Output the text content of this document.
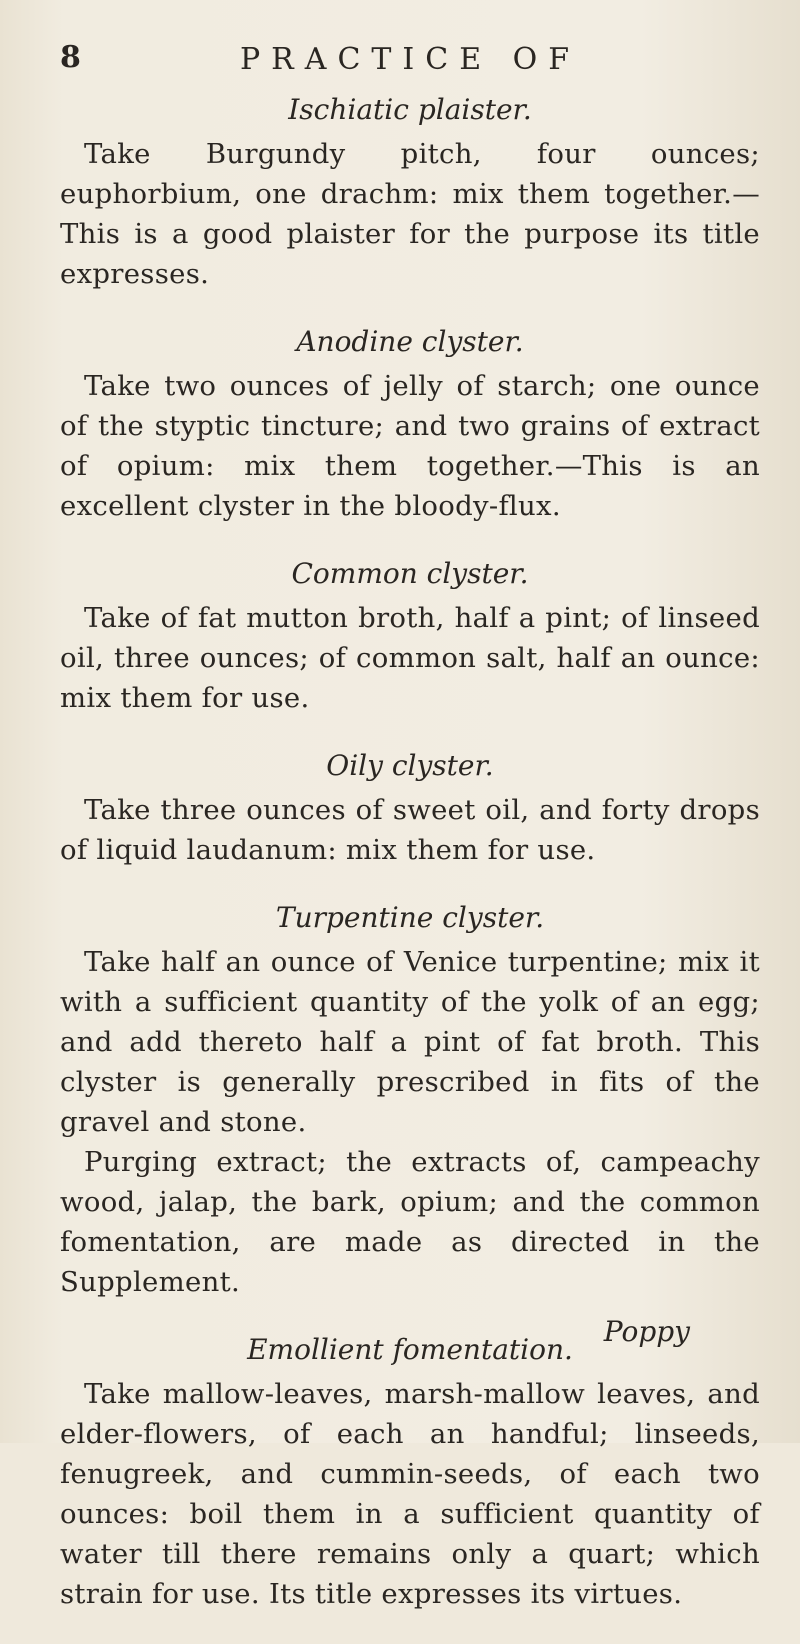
8	PRACTICE OF
Ischiatic plaister.

Take Burgundy pitch, four ounces; euphorbium, one drachm: mix them together.—This is a good plaister for the purpose its title expresses.

Anodine clyster.

Take two ounces of jelly of starch; one ounce of the styptic tincture; and two grains of extract of opium: mix them together.—This is an excellent clyster in the bloody-flux.

Common clyster.

Take of fat mutton broth, half a pint; of linseed oil, three ounces; of common salt, half an ounce: mix them for use.

Oily clyster.

Take three ounces of sweet oil, and forty drops of liquid laudanum: mix them for use.

Turpentine clyster.

Take half an ounce of Venice turpentine; mix it with a sufficient quantity of the yolk of an egg; and add thereto half a pint of fat broth. This clyster is generally prescribed in fits of the gravel and stone.

Purging extract; the extracts of, campeachy wood, jalap, the bark, opium; and the common fomentation, are made as directed in the Supplement.

Emollient fomentation.

Take mallow-leaves, marsh-mallow leaves, and elder-flowers, of each an handful; linseeds, fenugreek, and cummin-seeds, of each two ounces: boil them in a sufficient quantity of water till there remains only a quart; which strain for use. Its title expresses its virtues.

Poppy
